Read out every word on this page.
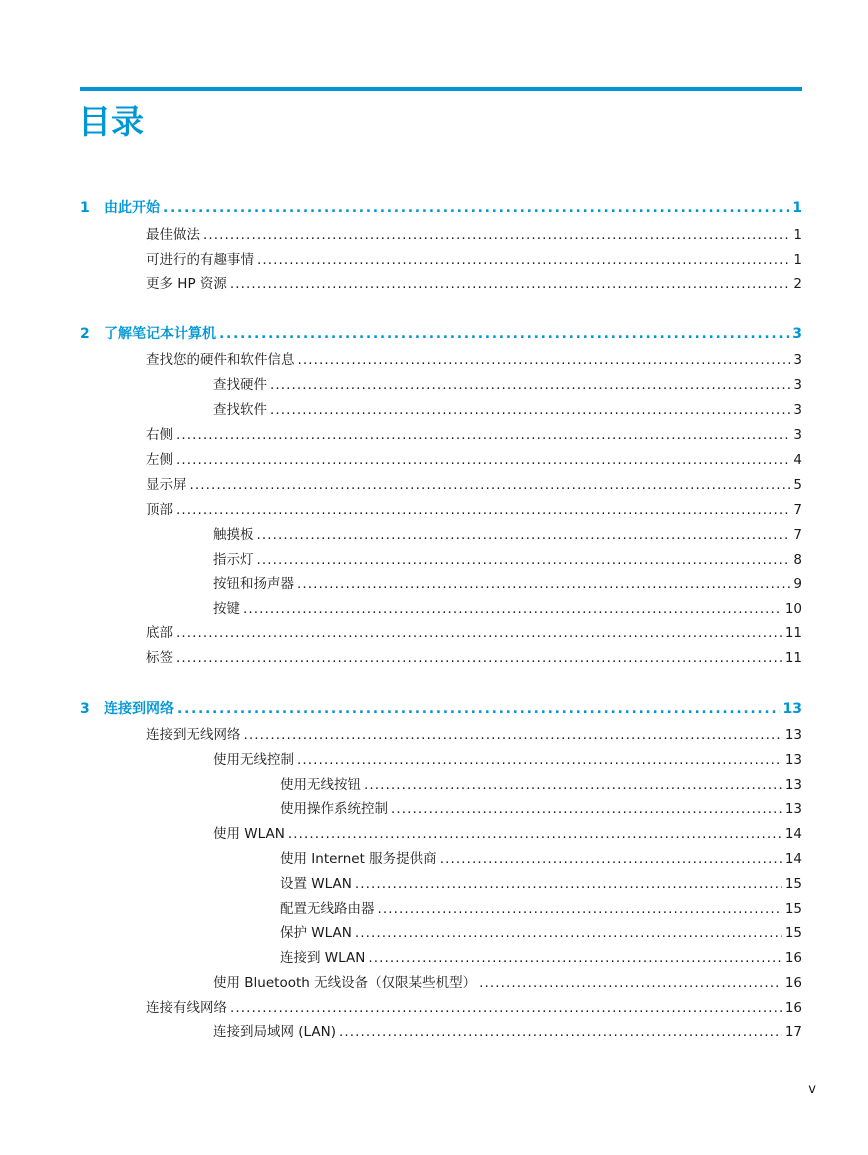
目录
1	由此开始 . . .	1
最佳做法 . . .	1
可进行的有趣事情 . . .	1
更多 HP 资源 . . .	2
2	了解笔记本计算机 . . .	3
查找您的硬件和软件信息 . . .	3
查找硬件 . . .	3
查找软件 . . .	3
右侧 . . .	3
左侧 . . .	4
显示屏 . . .	5
顶部 . . .	7
触摸板 . . .	7
指示灯 . . .	8
按钮和扬声器 . . .	9
按键 . . .	10
底部 . . .	11
标签 . . .	11
3	连接到网络 . . .	13
连接到无线网络 . . .	13
使用无线控制 . . .	13
使用无线按钮 . . .	13
使用操作系统控制 . . .	13
使用 WLAN . . .	14
使用 Internet 服务提供商 . . .	14
设置 WLAN . . .	15
配置无线路由器 . . .	15
保护 WLAN . . .	15
连接到 WLAN . . .	16
使用 Bluetooth 无线设备（仅限某些机型） . . .	16
连接有线网络 . . .	16
连接到局域网 (LAN) . . .	17
v
